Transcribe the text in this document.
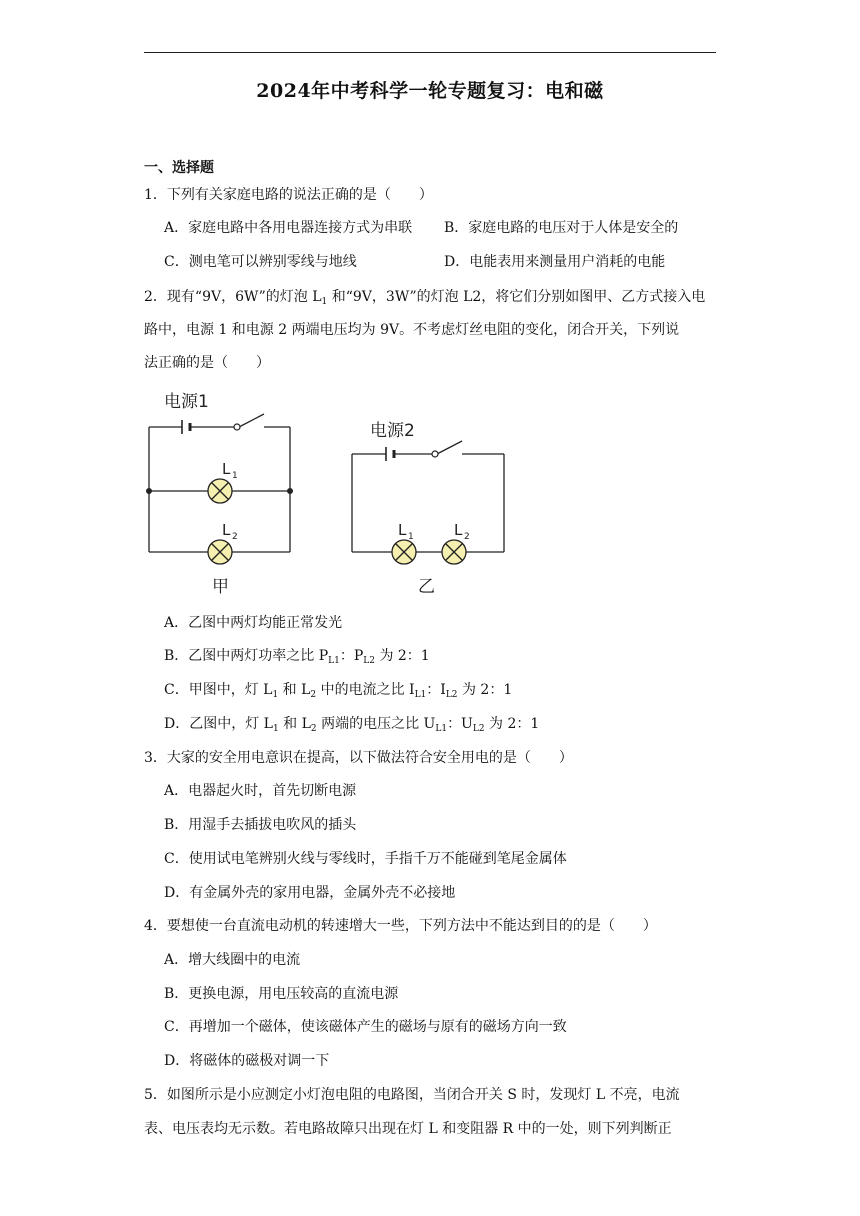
2024年中考科学一轮专题复习：电和磁
一、选择题
1．下列有关家庭电路的说法正确的是（　　）
A．家庭电路中各用电器连接方式为串联 B．家庭电路的电压对于人体是安全的
C．测电笔可以辨别零线与地线	D．电能表用来测量用户消耗的电能
2．现有“9V，6W”的灯泡 $L_1$ 和“9V，3W”的灯泡 L2，将它们分别如图甲、乙方式接入电
路中，电源 1 和电源 2 两端电压均为 9V。不考虑灯丝电阻的变化，闭合开关，下列说
法正确的是（　　）
电源1
L 1
L 2
甲
电源2
L 1	L 2
乙
A．乙图中两灯均能正常发光
B．乙图中两灯功率之比 $P_{L1}$：$P_{L2}$ 为 2：1
C．甲图中，灯 $L_1$ 和 $L_2$ 中的电流之比 $I_{L1}$：$I_{L2}$ 为 2：1
D．乙图中，灯 $L_1$ 和 $L_2$ 两端的电压之比 $U_{L1}$：$U_{L2}$ 为 2：1
3．大家的安全用电意识在提高，以下做法符合安全用电的是（　　）
A．电器起火时，首先切断电源
B．用湿手去插拔电吹风的插头
C．使用试电笔辨别火线与零线时，手指千万不能碰到笔尾金属体
D．有金属外壳的家用电器，金属外壳不必接地
4．要想使一台直流电动机的转速增大一些，下列方法中不能达到目的的是（　　）
A．增大线圈中的电流
B．更换电源，用电压较高的直流电源
C．再增加一个磁体，使该磁体产生的磁场与原有的磁场方向一致
D．将磁体的磁极对调一下
5．如图所示是小应测定小灯泡电阻的电路图，当闭合开关 S 时，发现灯 L 不亮，电流
表、电压表均无示数。若电路故障只出现在灯 L 和变阻器 R 中的一处，则下列判断正
